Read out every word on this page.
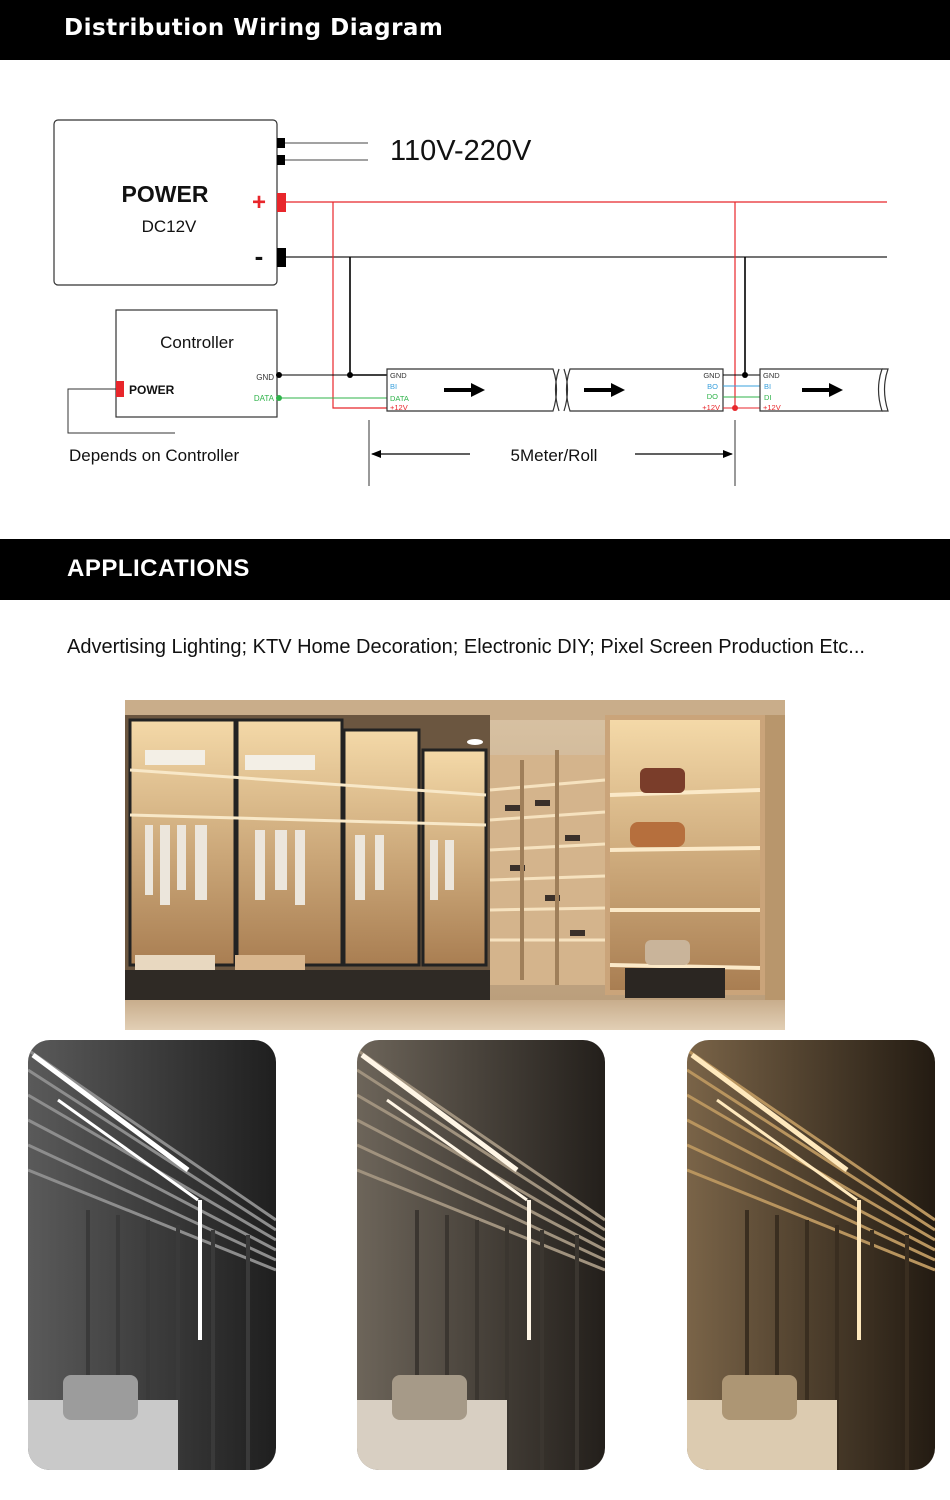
Distribution Wiring Diagram
POWER
DC12V
+
-
110V-220V
Controller
POWER
GND
DATA
Depends on Controller
GND
BI
DATA
+12V
GND
BO
DO
+12V
GND
BI
DI
+12V
5Meter/Roll
APPLICATIONS
Advertising Lighting; KTV Home Decoration; Electronic DIY; Pixel Screen Production Etc...
